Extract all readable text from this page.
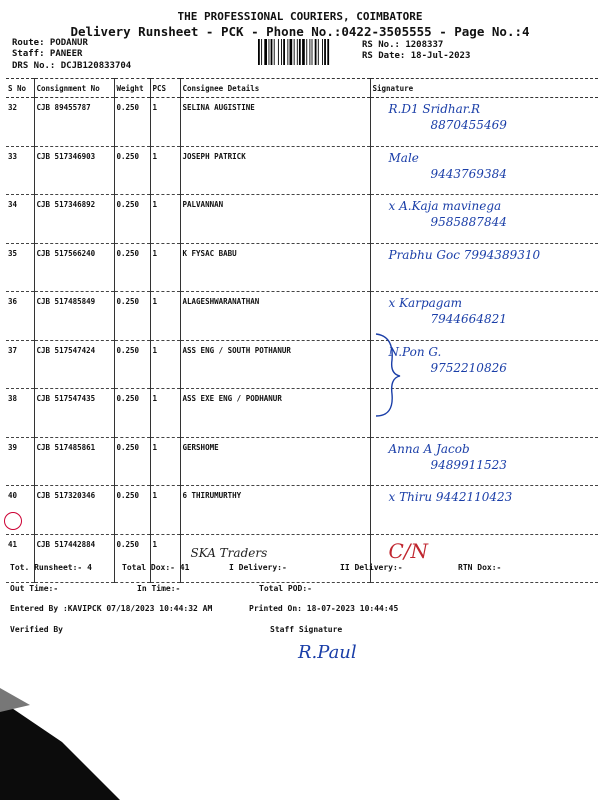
THE PROFESSIONAL COURIERS, COIMBATORE
Delivery Runsheet - PCK - Phone No.:0422-3505555 - Page No.:4
Route: PODANUR
Staff: PANEER
DRS No.: DCJB120833704
RS No.: 1208337
RS Date: 18-Jul-2023
S No	Consignment No	Weight	PCS	Consignee Details	Signature
32	CJB 89455787	0.250	1	SELINA AUGISTINE	R.D1 Sridhar.R
8870455469

33	CJB 517346903	0.250	1	JOSEPH PATRICK	Male
9443769384

34	CJB 517346892	0.250	1	PALVANNAN	x A.Kaja mavinega
9585887844

35	CJB 517566240	0.250	1	K FYSAC BABU	Prabhu Goc 7994389310

36	CJB 517485849	0.250	1	ALAGESHWARANATHAN	x Karpagam
7944664821

37	CJB 517547424	0.250	1	ASS ENG / SOUTH POTHANUR	N.Pon G.
9752210826

38	CJB 517547435	0.250	1	ASS EXE ENG / PODHANUR	

39	CJB 517485861	0.250	1	GERSHOME	Anna A Jacob
9489911523

40	CJB 517320346	0.250	1	6 THIRUMURTHY	x Thiru 9442110423

41	CJB 517442884	0.250	1	SKA Traders	C/N
Tot. Runsheet:- 4	Total Dox:- 41	I Delivery:-	II Delivery:-	RTN Dox:-
Out Time:-	In Time:-	Total POD:-
Entered By :KAVIPCK 07/18/2023 10:44:32 AM	Printed On: 18-07-2023 10:44:45
Verified By	Staff Signature
R.Paul
